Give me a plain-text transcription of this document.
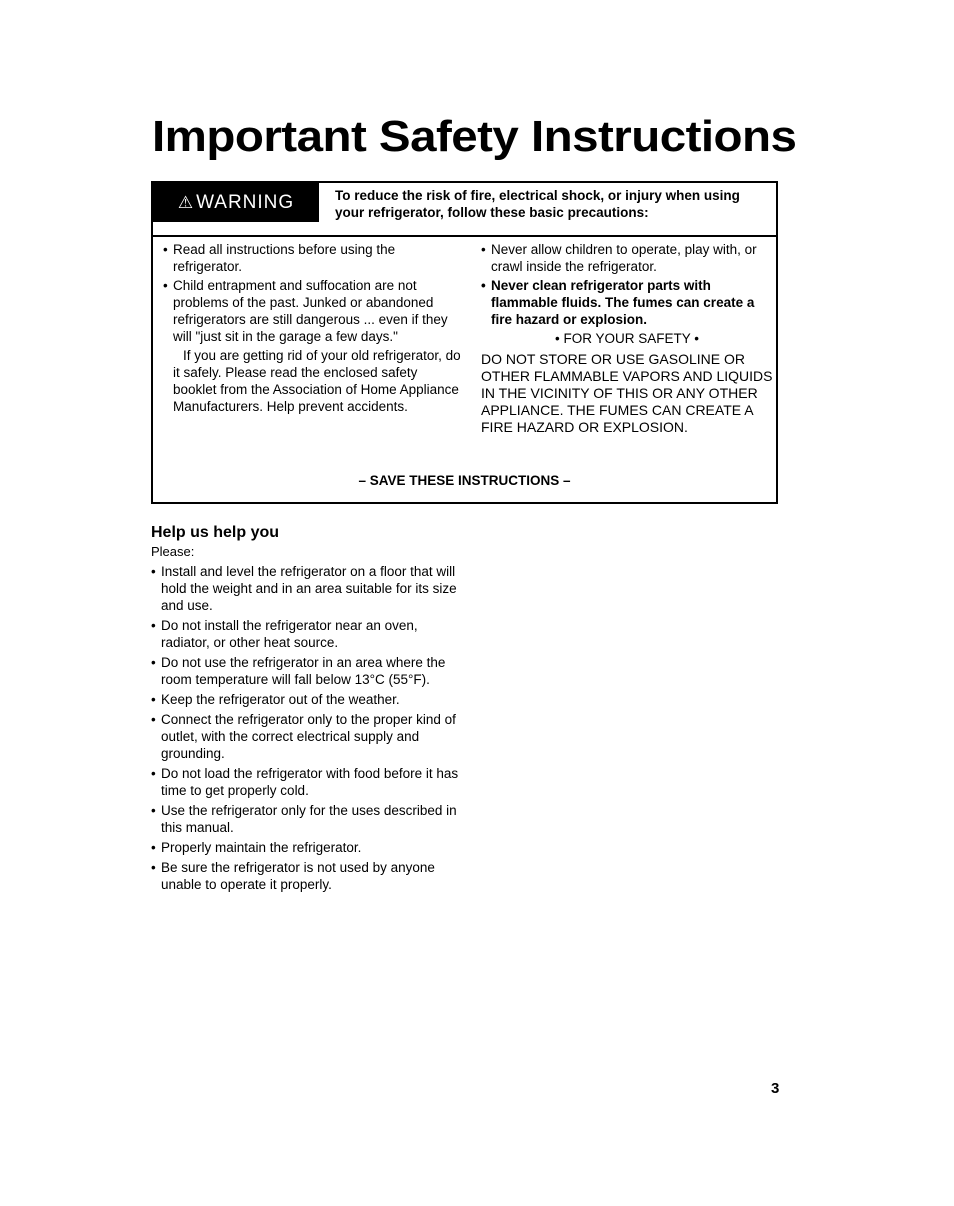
Important Safety Instructions
⚠ WARNING	To reduce the risk of fire, electrical shock, or injury when using your refrigerator, follow these basic precautions:
• Read all instructions before using the refrigerator.
• Child entrapment and suffocation are not problems of the past. Junked or abandoned refrigerators are still dangerous ... even if they will "just sit in the garage a few days."
If you are getting rid of your old refrigerator, do it safely. Please read the enclosed safety booklet from the Association of Home Appliance Manufacturers. Help prevent accidents.
• Never allow children to operate, play with, or crawl inside the refrigerator.
• Never clean refrigerator parts with flammable fluids. The fumes can create a fire hazard or explosion.
• FOR YOUR SAFETY •
DO NOT STORE OR USE GASOLINE OR OTHER FLAMMABLE VAPORS AND LIQUIDS IN THE VICINITY OF THIS OR ANY OTHER APPLIANCE. THE FUMES CAN CREATE A FIRE HAZARD OR EXPLOSION.
– SAVE THESE INSTRUCTIONS –
Help us help you
Please:
• Install and level the refrigerator on a floor that will hold the weight and in an area suitable for its size and use.
• Do not install the refrigerator near an oven, radiator, or other heat source.
• Do not use the refrigerator in an area where the room temperature will fall below 13°C (55°F).
• Keep the refrigerator out of the weather.
• Connect the refrigerator only to the proper kind of outlet, with the correct electrical supply and grounding.
• Do not load the refrigerator with food before it has time to get properly cold.
• Use the refrigerator only for the uses described in this manual.
• Properly maintain the refrigerator.
• Be sure the refrigerator is not used by anyone unable to operate it properly.
3
